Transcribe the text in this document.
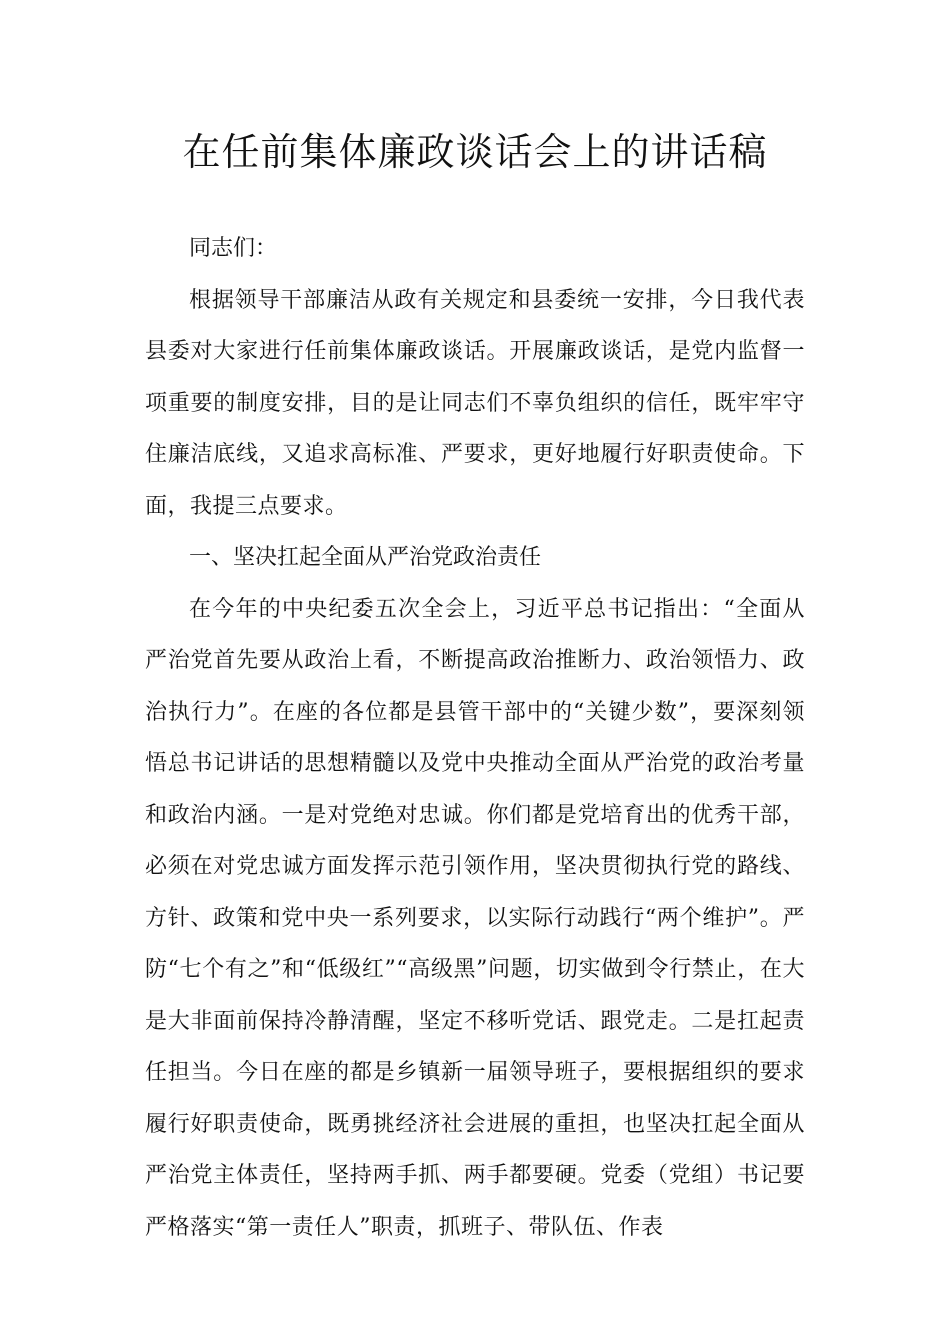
在任前集体廉政谈话会上的讲话稿

同志们：

根据领导干部廉洁从政有关规定和县委统一安排，今日我代表县委对大家进行任前集体廉政谈话。开展廉政谈话，是党内监督一项重要的制度安排，目的是让同志们不辜负组织的信任，既牢牢守住廉洁底线，又追求高标准、严要求，更好地履行好职责使命。下面，我提三点要求。

一、坚决扛起全面从严治党政治责任

在今年的中央纪委五次全会上，习近平总书记指出：“全面从严治党首先要从政治上看，不断提高政治推断力、政治领悟力、政治执行力”。在座的各位都是县管干部中的“关键少数”，要深刻领悟总书记讲话的思想精髓以及党中央推动全面从严治党的政治考量和政治内涵。一是对党绝对忠诚。你们都是党培育出的优秀干部，必须在对党忠诚方面发挥示范引领作用，坚决贯彻执行党的路线、方针、政策和党中央一系列要求，以实际行动践行“两个维护”。严防“七个有之”和“低级红”“高级黑”问题，切实做到令行禁止，在大是大非面前保持冷静清醒，坚定不移听党话、跟党走。二是扛起责任担当。今日在座的都是乡镇新一届领导班子，要根据组织的要求履行好职责使命，既勇挑经济社会进展的重担，也坚决扛起全面从严治党主体责任，坚持两手抓、两手都要硬。党委（党组）书记要严格落实“第一责任人”职责，抓班子、带队伍、作表
